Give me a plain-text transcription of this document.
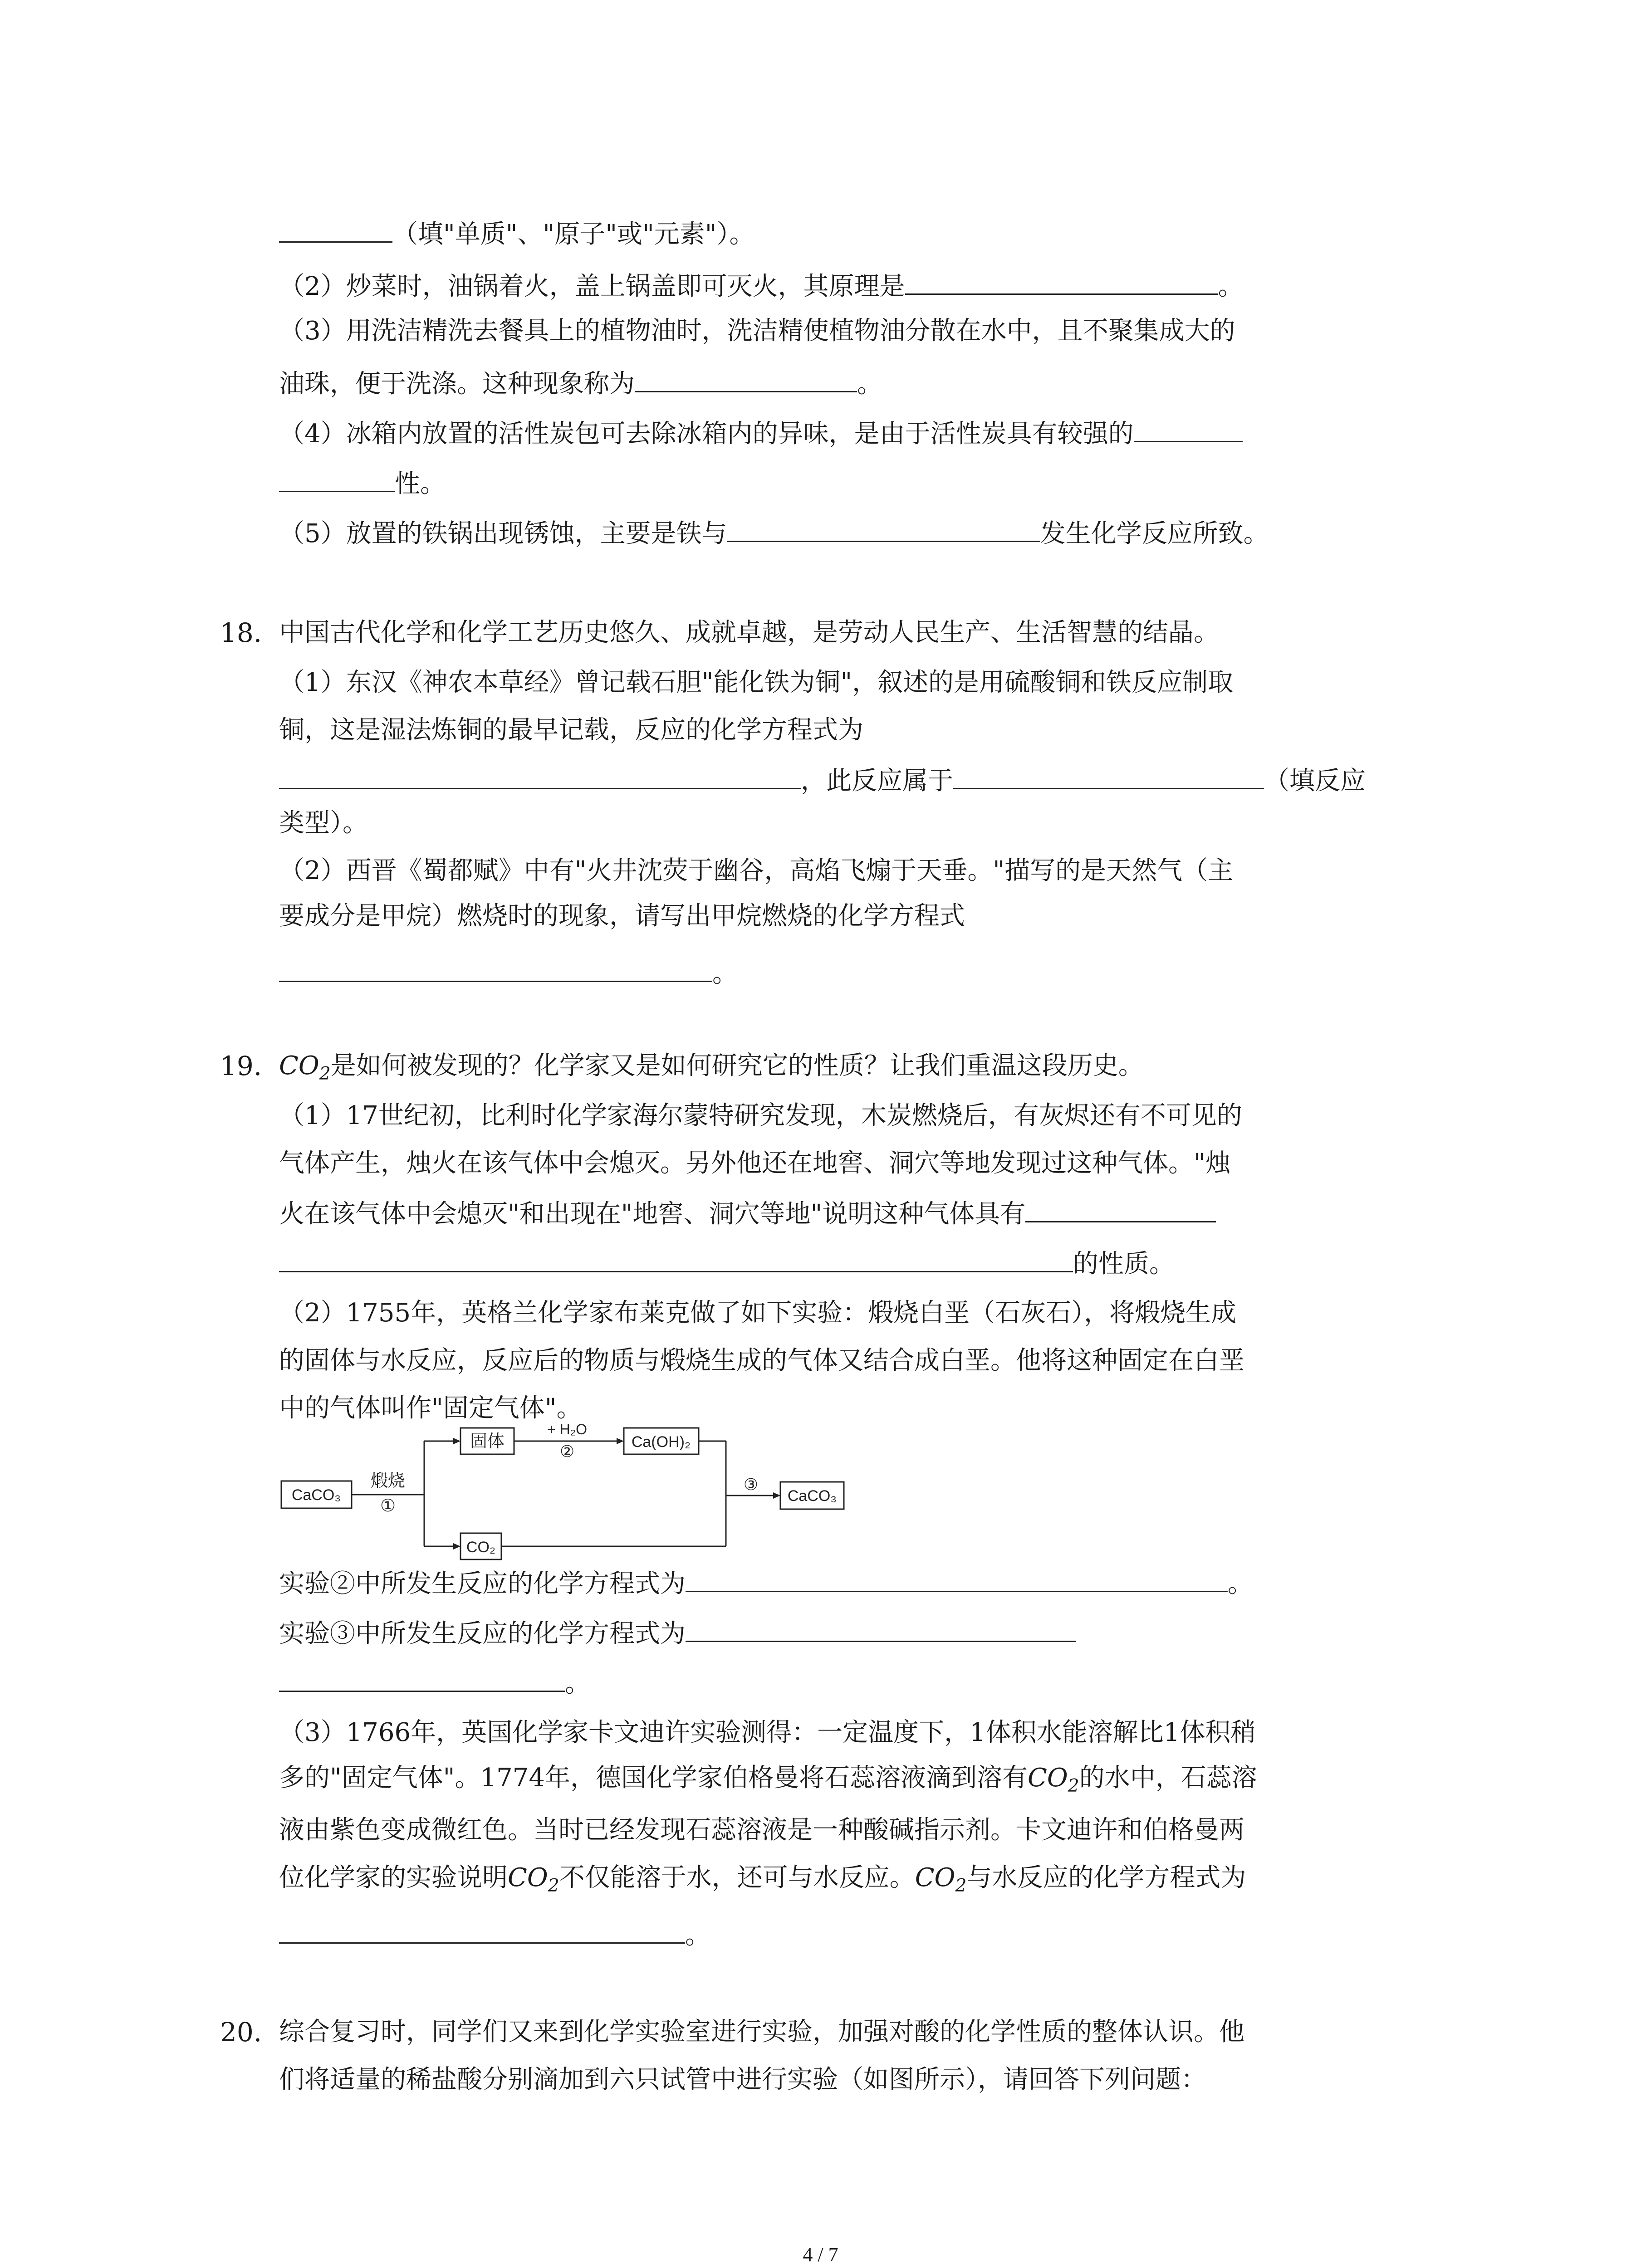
（填"单质"、"原子"或"元素"）。
（2）炒菜时，油锅着火，盖上锅盖即可灭火，其原理是	。
（3）用洗洁精洗去餐具上的植物油时，洗洁精使植物油分散在水中，且不聚集成大的
油珠，便于洗涤。这种现象称为	。
（4）冰箱内放置的活性炭包可去除冰箱内的异味，是由于活性炭具有较强的
性。
（5）放置的铁锅出现锈蚀，主要是铁与	发生化学反应所致。
18. 中国古代化学和化学工艺历史悠久、成就卓越，是劳动人民生产、生活智慧的结晶。
（1）东汉《神农本草经》曾记载石胆"能化铁为铜"，叙述的是用硫酸铜和铁反应制取
铜，这是湿法炼铜的最早记载，反应的化学方程式为
，此反应属于	（填反应
类型）。
（2）西晋《蜀都赋》中有"火井沈荧于幽谷，高焰飞煽于天垂。"描写的是天然气（主
要成分是甲烷）燃烧时的现象，请写出甲烷燃烧的化学方程式
。
19. $CO_2$是如何被发现的？化学家又是如何研究它的性质？让我们重温这段历史。
（1）17世纪初，比利时化学家海尔蒙特研究发现，木炭燃烧后，有灰烬还有不可见的
气体产生，烛火在该气体中会熄灭。另外他还在地窖、洞穴等地发现过这种气体。"烛
火在该气体中会熄灭"和出现在"地窖、洞穴等地"说明这种气体具有
的性质。
（2）1755年，英格兰化学家布莱克做了如下实验：煅烧白垩（石灰石），将煅烧生成
的固体与水反应，反应后的物质与煅烧生成的气体又结合成白垩。他将这种固定在白垩
中的气体叫作"固定气体"。
CaCO₃
煅烧
①
固体
+ H₂O
②	Ca(OH)₂
CO₂
③
CaCO₃
实验②中所发生反应的化学方程式为	。
实验③中所发生反应的化学方程式为
。
（3）1766年，英国化学家卡文迪许实验测得：一定温度下，1体积水能溶解比1体积稍
多的"固定气体"。1774年，德国化学家伯格曼将石蕊溶液滴到溶有$CO_2$的水中，石蕊溶
液由紫色变成微红色。当时已经发现石蕊溶液是一种酸碱指示剂。卡文迪许和伯格曼两
位化学家的实验说明$CO_2$不仅能溶于水，还可与水反应。$CO_2$与水反应的化学方程式为
。
20. 综合复习时，同学们又来到化学实验室进行实验，加强对酸的化学性质的整体认识。他
们将适量的稀盐酸分别滴加到六只试管中进行实验（如图所示），请回答下列问题：
4 / 7
